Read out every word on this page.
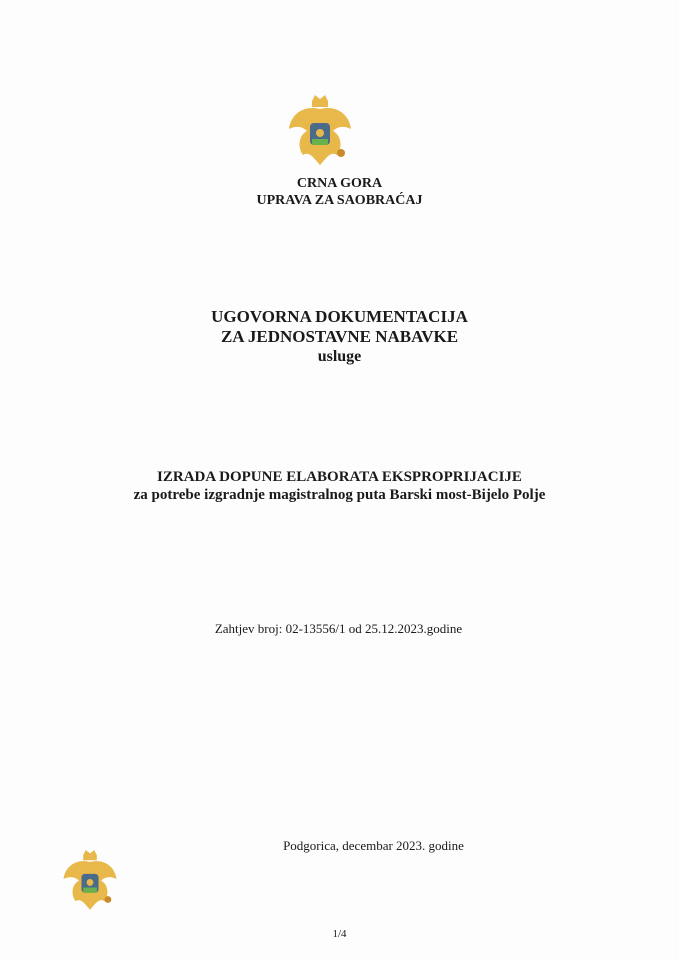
CRNA GORA
UPRAVA ZA SAOBRAĆAJ
UGOVORNA DOKUMENTACIJA
ZA JEDNOSTAVNE NABAVKE
usluge
IZRADA DOPUNE ELABORATA EKSPROPRIJACIJE
za potrebe izgradnje magistralnog puta Barski most-Bijelo Polje
Zahtjev broj: 02-13556/1 od 25.12.2023.godine
Podgorica, decembar 2023. godine
1/4
